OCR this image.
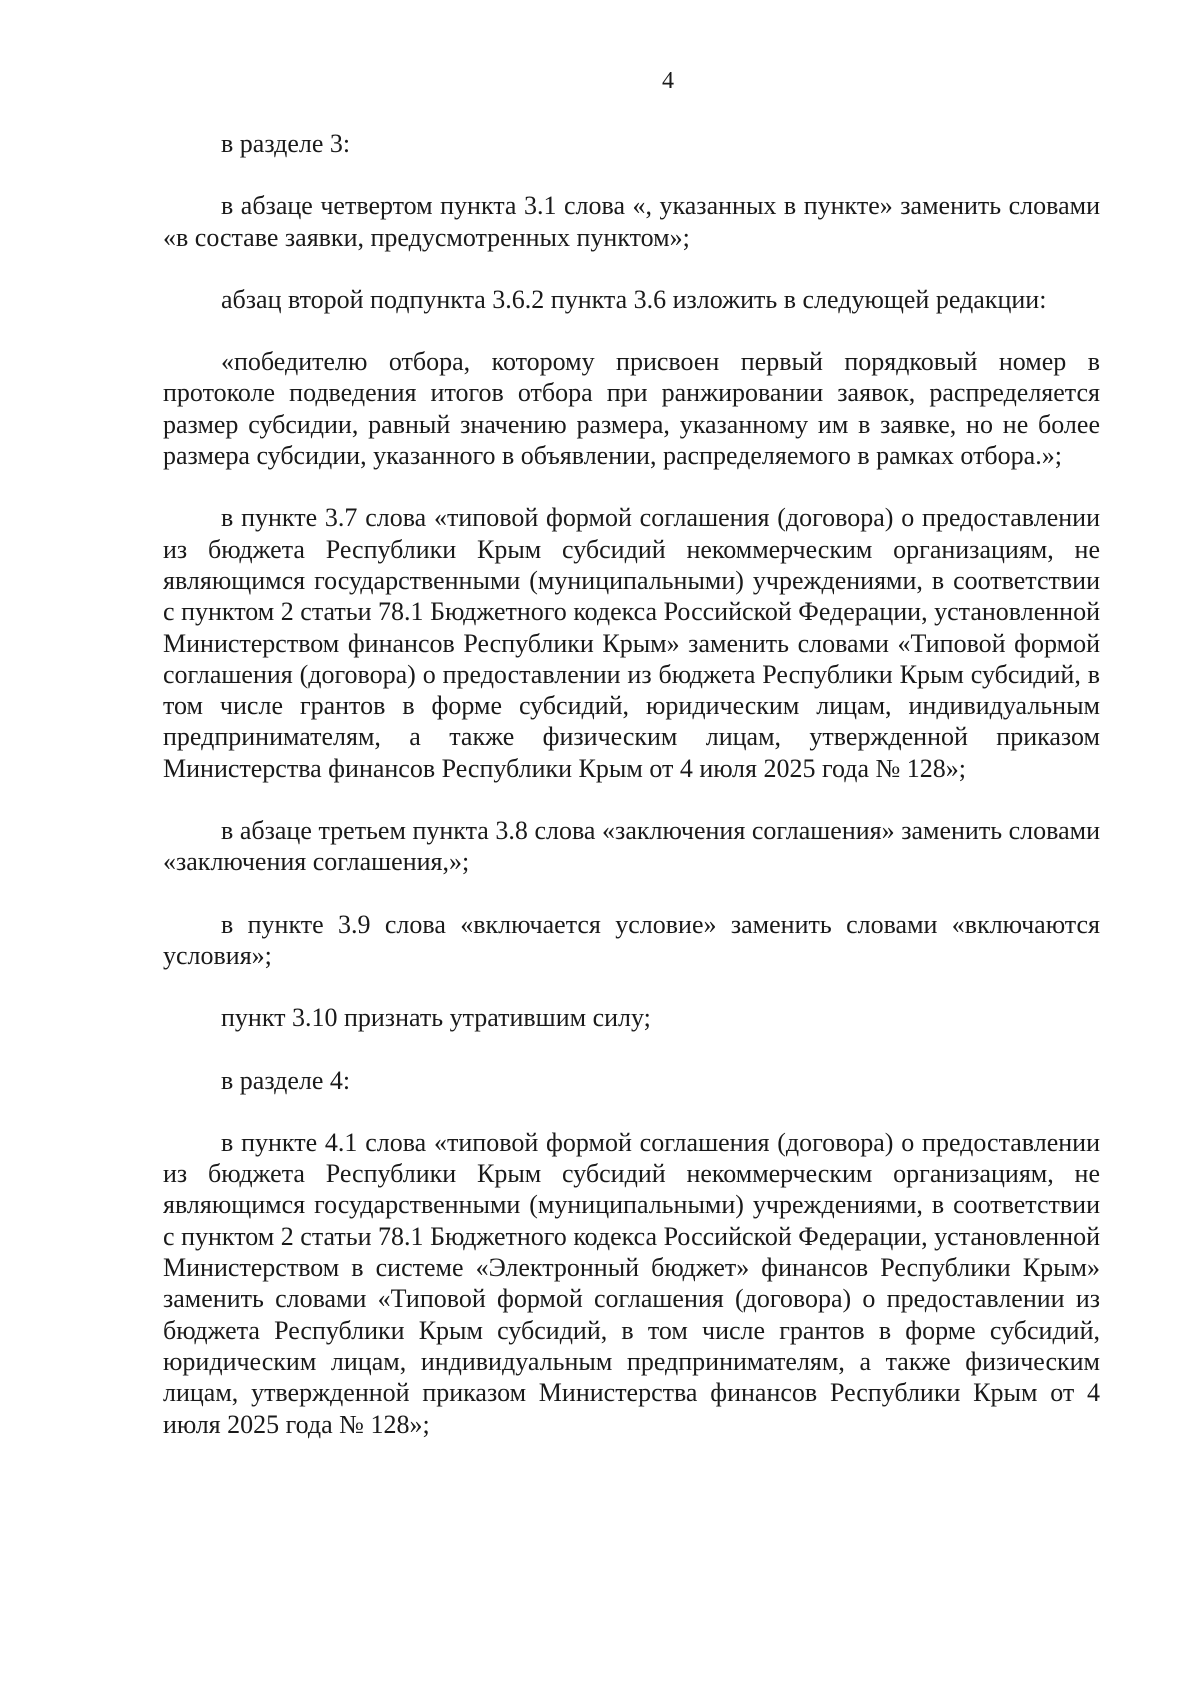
4

в разделе 3:

в абзаце четвертом пункта 3.1 слова «, указанных в пункте» заменить словами «в составе заявки, предусмотренных пунктом»;

абзац второй подпункта 3.6.2 пункта 3.6 изложить в следующей редакции:

«победителю отбора, которому присвоен первый порядковый номер в протоколе подведения итогов отбора при ранжировании заявок, распределяется размер субсидии, равный значению размера, указанному им в заявке, но не более размера субсидии, указанного в объявлении, распределяемого в рамках отбора.»;

в пункте 3.7 слова «типовой формой соглашения (договора) о предоставлении из бюджета Республики Крым субсидий некоммерческим организациям, не являющимся государственными (муниципальными) учреждениями, в соответствии с пунктом 2 статьи 78.1 Бюджетного кодекса Российской Федерации, установленной Министерством финансов Республики Крым» заменить словами «Типовой формой соглашения (договора) о предоставлении из бюджета Республики Крым субсидий, в том числе грантов в форме субсидий, юридическим лицам, индивидуальным предпринимателям, а также физическим лицам, утвержденной приказом Министерства финансов Республики Крым от 4 июля 2025 года № 128»;

в абзаце третьем пункта 3.8 слова «заключения соглашения» заменить словами «заключения соглашения,»;

в пункте 3.9 слова «включается условие» заменить словами «включаются условия»;

пункт 3.10 признать утратившим силу;

в разделе 4:

в пункте 4.1 слова «типовой формой соглашения (договора) о предоставлении из бюджета Республики Крым субсидий некоммерческим организациям, не являющимся государственными (муниципальными) учреждениями, в соответствии с пунктом 2 статьи 78.1 Бюджетного кодекса Российской Федерации, установленной Министерством в системе «Электронный бюджет» финансов Республики Крым» заменить словами «Типовой формой соглашения (договора) о предоставлении из бюджета Республики Крым субсидий, в том числе грантов в форме субсидий, юридическим лицам, индивидуальным предпринимателям, а также физическим лицам, утвержденной приказом Министерства финансов Республики Крым от 4 июля 2025 года № 128»;
